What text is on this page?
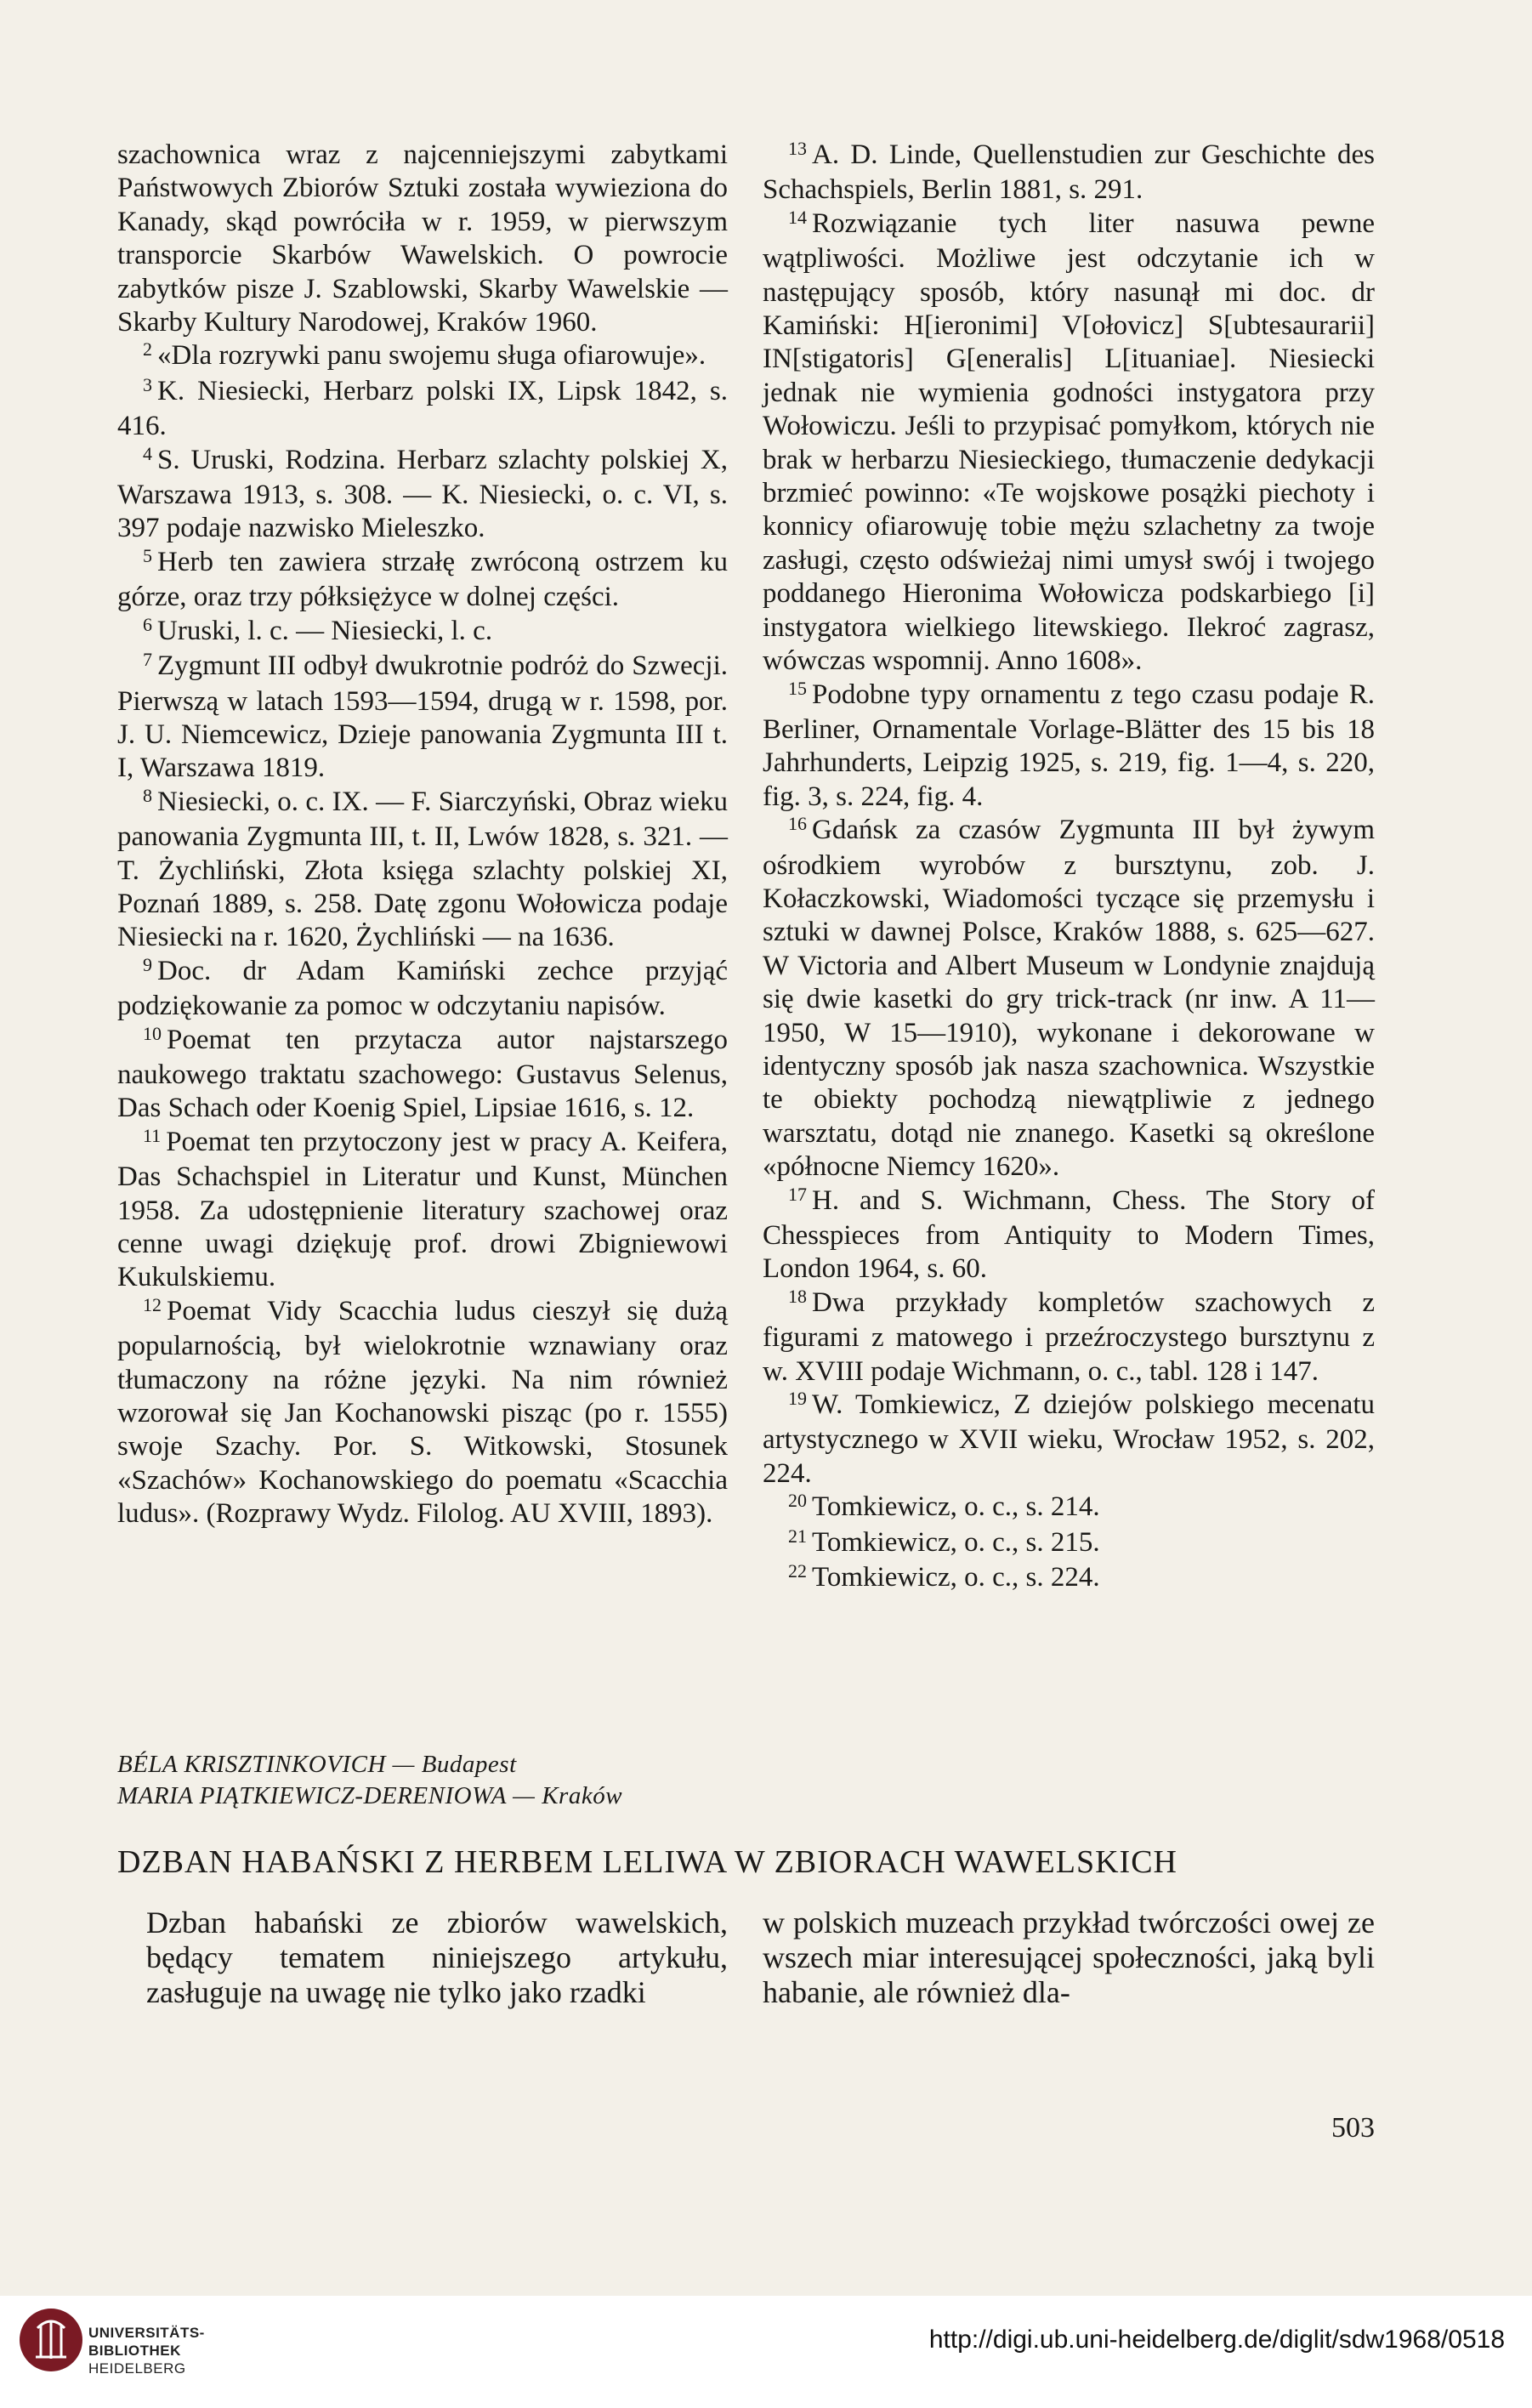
szachownica wraz z najcenniejszymi zabytkami Państwowych Zbiorów Sztuki została wywieziona do Kanady, skąd powróciła w r. 1959, w pierwszym transporcie Skarbów Wawelskich. O powrocie zabytków pisze J. Szablowski, Skarby Wawelskie — Skarby Kultury Narodowej, Kraków 1960.

$^2$ «Dla rozrywki panu swojemu sługa ofiarowuje».

$^3$ K. Niesiecki, Herbarz polski IX, Lipsk 1842, s. 416.

$^4$ S. Uruski, Rodzina. Herbarz szlachty polskiej X, Warszawa 1913, s. 308. — K. Niesiecki, o. c. VI, s. 397 podaje nazwisko Mieleszko.

$^5$ Herb ten zawiera strzałę zwróconą ostrzem ku górze, oraz trzy półksiężyce w dolnej części.

$^6$ Uruski, l. c. — Niesiecki, l. c.

$^7$ Zygmunt III odbył dwukrotnie podróż do Szwecji. Pierwszą w latach 1593—1594, drugą w r. 1598, por. J. U. Niemcewicz, Dzieje panowania Zygmunta III t. I, Warszawa 1819.

$^8$ Niesiecki, o. c. IX. — F. Siarczyński, Obraz wieku panowania Zygmunta III, t. II, Lwów 1828, s. 321. — T. Żychliński, Złota księga szlachty polskiej XI, Poznań 1889, s. 258. Datę zgonu Wołowicza podaje Niesiecki na r. 1620, Żychliński — na 1636.

$^9$ Doc. dr Adam Kamiński zechce przyjąć podziękowanie za pomoc w odczytaniu napisów.

$^{10}$ Poemat ten przytacza autor najstarszego naukowego traktatu szachowego: Gustavus Selenus, Das Schach oder Koenig Spiel, Lipsiae 1616, s. 12.

$^{11}$ Poemat ten przytoczony jest w pracy A. Keifera, Das Schachspiel in Literatur und Kunst, München 1958. Za udostępnienie literatury szachowej oraz cenne uwagi dziękuję prof. drowi Zbigniewowi Kukulskiemu.

$^{12}$ Poemat Vidy Scacchia ludus cieszył się dużą popularnością, był wielokrotnie wznawiany oraz tłumaczony na różne języki. Na nim również wzorował się Jan Kochanowski pisząc (po r. 1555) swoje Szachy. Por. S. Witkowski, Stosunek «Szachów» Kochanowskiego do poematu «Scacchia ludus». (Rozprawy Wydz. Filolog. AU XVIII, 1893).

$^{13}$ A. D. Linde, Quellenstudien zur Geschichte des Schachspiels, Berlin 1881, s. 291.

$^{14}$ Rozwiązanie tych liter nasuwa pewne wątpliwości. Możliwe jest odczytanie ich w następujący sposób, który nasunął mi doc. dr Kamiński: H[ieronimi] V[ołovicz] S[ubtesaurarii] IN[stigatoris] G[eneralis] L[ituaniae]. Niesiecki jednak nie wymienia godności instygatora przy Wołowiczu. Jeśli to przypisać pomyłkom, których nie brak w herbarzu Niesieckiego, tłumaczenie dedykacji brzmieć powinno: «Te wojskowe posążki piechoty i konnicy ofiarowuję tobie mężu szlachetny za twoje zasługi, często odświeżaj nimi umysł swój i twojego poddanego Hieronima Wołowicza podskarbiego [i] instygatora wielkiego litewskiego. Ilekroć zagrasz, wówczas wspomnij. Anno 1608».

$^{15}$ Podobne typy ornamentu z tego czasu podaje R. Berliner, Ornamentale Vorlage-Blätter des 15 bis 18 Jahrhunderts, Leipzig 1925, s. 219, fig. 1—4, s. 220, fig. 3, s. 224, fig. 4.

$^{16}$ Gdańsk za czasów Zygmunta III był żywym ośrodkiem wyrobów z bursztynu, zob. J. Kołaczkowski, Wiadomości tyczące się przemysłu i sztuki w dawnej Polsce, Kraków 1888, s. 625—627. W Victoria and Albert Museum w Londynie znajdują się dwie kasetki do gry trick-track (nr inw. A 11—1950, W 15—1910), wykonane i dekorowane w identyczny sposób jak nasza szachownica. Wszystkie te obiekty pochodzą niewątpliwie z jednego warsztatu, dotąd nie znanego. Kasetki są określone «północne Niemcy 1620».

$^{17}$ H. and S. Wichmann, Chess. The Story of Chesspieces from Antiquity to Modern Times, London 1964, s. 60.

$^{18}$ Dwa przykłady kompletów szachowych z figurami z matowego i przeźroczystego bursztynu z w. XVIII podaje Wichmann, o. c., tabl. 128 i 147.

$^{19}$ W. Tomkiewicz, Z dziejów polskiego mecenatu artystycznego w XVII wieku, Wrocław 1952, s. 202, 224.

$^{20}$ Tomkiewicz, o. c., s. 214.

$^{21}$ Tomkiewicz, o. c., s. 215.

$^{22}$ Tomkiewicz, o. c., s. 224.

BÉLA KRISZTINKOVICH — Budapest
MARIA PIĄTKIEWICZ-DERENIOWA — Kraków
DZBAN HABAŃSKI Z HERBEM LELIWA W ZBIORACH WAWELSKICH
Dzban habański ze zbiorów wawelskich, będący tematem niniejszego artykułu, zasługuje na uwagę nie tylko jako rzadki
w polskich muzeach przykład twórczości owej ze wszech miar interesującej społeczności, jaką byli habanie, ale również dla-
503
UNIVERSITÄTS-
BIBLIOTHEK
HEIDELBERG
http://digi.ub.uni-heidelberg.de/diglit/sdw1968/0518
